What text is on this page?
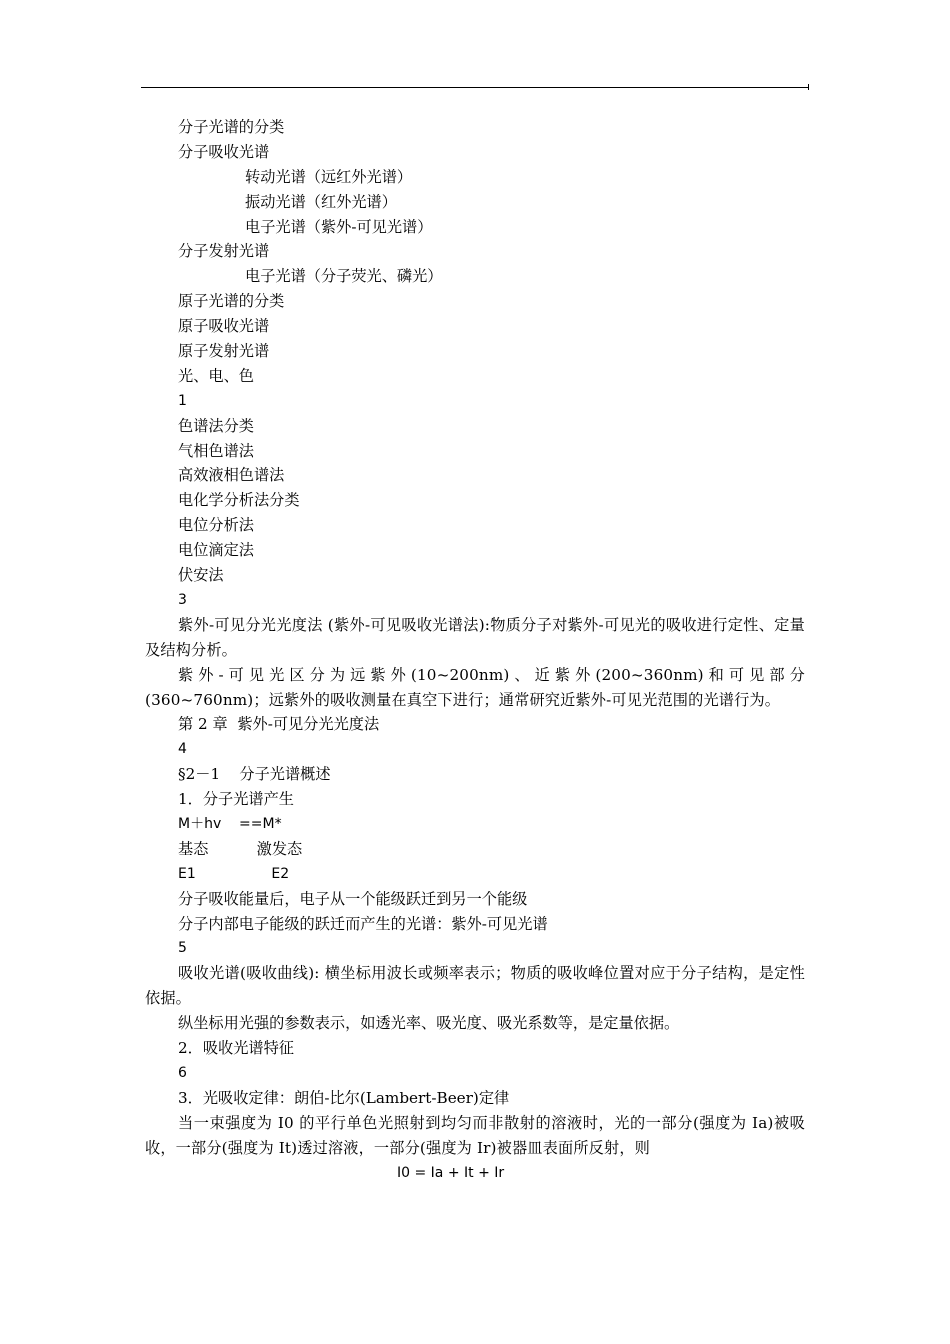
分子光谱的分类
分子吸收光谱
转动光谱（远红外光谱）
振动光谱（红外光谱）
电子光谱（紫外-可见光谱）
分子发射光谱
电子光谱（分子荧光、磷光）
原子光谱的分类
原子吸收光谱
原子发射光谱
光、电、色
1
色谱法分类
气相色谱法
高效液相色谱法
电化学分析法分类
电位分析法
电位滴定法
伏安法
3
紫外-可见分光光度法 (紫外-可见吸收光谱法):物质分子对紫外-可见光的吸收进行定性、定量及结构分析。
紫外-可见光区分为远紫外(10~200nm)、近紫外(200~360nm)和可见部分(360~760nm)；远紫外的吸收测量在真空下进行；通常研究近紫外-可见光范围的光谱行为。
第 2 章  紫外-可见分光光度法
4
§2－1    分子光谱概述
1．分子光谱产生
M＋hv    ==M*
基态          激发态
E1                 E2
分子吸收能量后，电子从一个能级跃迁到另一个能级
分子内部电子能级的跃迁而产生的光谱：紫外-可见光谱
5
吸收光谱(吸收曲线): 横坐标用波长或频率表示；物质的吸收峰位置对应于分子结构，是定性依据。
纵坐标用光强的参数表示，如透光率、吸光度、吸光系数等，是定量依据。
2．吸收光谱特征
6
3．光吸收定律：朗伯-比尔(Lambert-Beer)定律
当一束强度为 I0 的平行单色光照射到均匀而非散射的溶液时，光的一部分(强度为 Ia)被吸收，一部分(强度为 It)透过溶液，一部分(强度为 Ir)被器皿表面所反射，则
I0 = Ia + It + Ir
